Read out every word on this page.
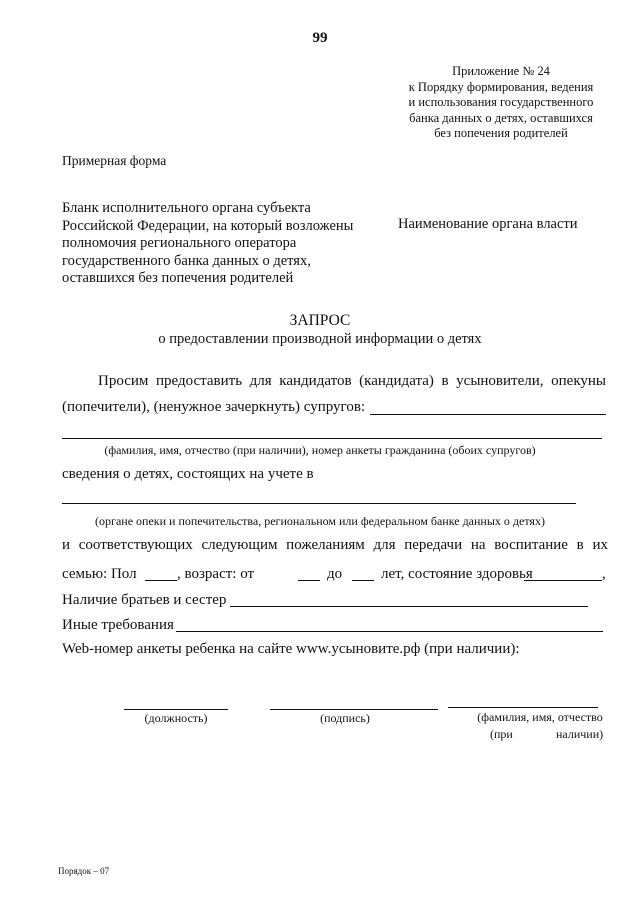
99
Приложение № 24
к Порядку формирования, ведения
и использования государственного
банка данных о детях, оставшихся
без попечения родителей
Примерная форма
Бланк исполнительного органа субъекта
Российской Федерации, на который возложены
полномочия регионального оператора
государственного банка данных о детях,
оставшихся без попечения родителей
Наименование органа власти
ЗАПРОС
о предоставлении производной информации о детях
Просим предоставить для кандидатов (кандидата) в усыновители, опекуны
(попечители), (ненужное зачеркнуть) супругов:
(фамилия, имя, отчество (при наличии), номер анкеты гражданина (обоих супругов)
сведения о детях, состоящих на учете в
(органе опеки и попечительства, региональном или федеральном банке данных о детях)
и соответствующих следующим пожеланиям для передачи на воспитание в их
семью: Пол	, возраст: от	до	лет, состояние здоровья	,
Наличие братьев и сестер
Иные требования
Web-номер анкеты ребенка на сайте www.усыновите.рф (при наличии):
(должность)	(подпись)	(фамилия, имя, отчество
(при	наличии)
Порядок – 07
